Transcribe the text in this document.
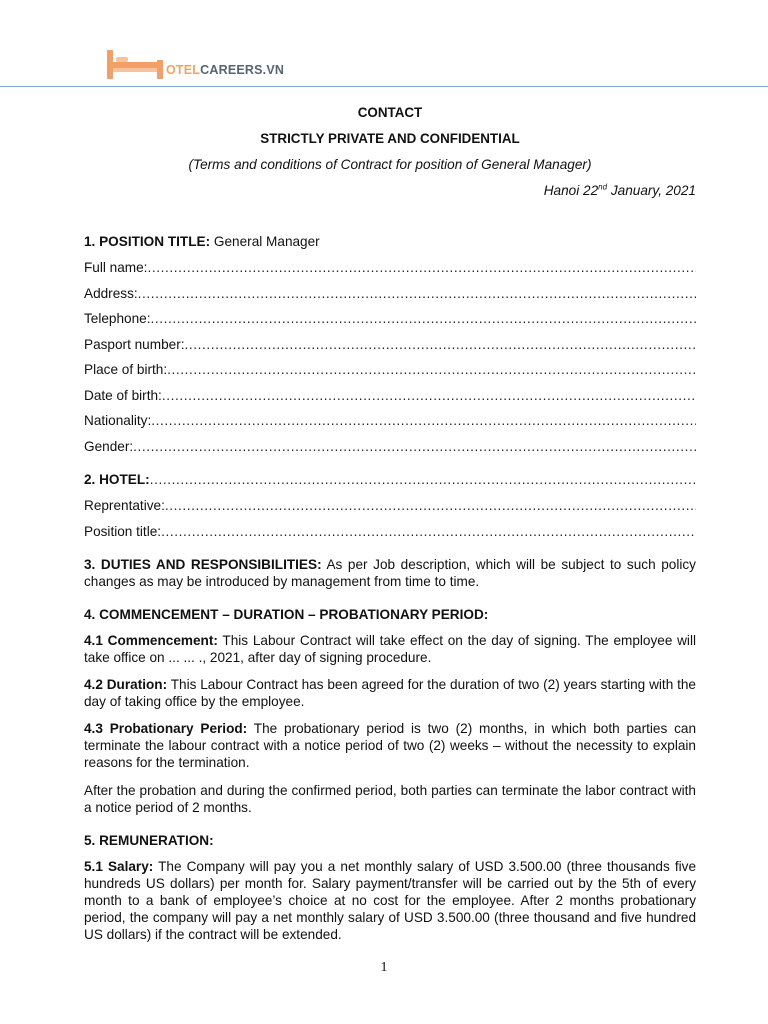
OTELCAREERS.VN
CONTACT
STRICTLY PRIVATE AND CONFIDENTIAL
(Terms and conditions of Contract for position of General Manager)
Hanoi 22nd January, 2021
1. POSITION TITLE: General Manager
Full name:
.....
Address:
.....
Telephone:
.....
Pasport number:
.....
Place of birth:
.....
Date of birth:
.....
Nationality:
.....
Gender:
.....
2. HOTEL:
.....
Reprentative:
.....
Position title:
.....
3. DUTIES AND RESPONSIBILITIES: As per Job description, which will be subject to such policy changes as may be introduced by management from time to time.
4. COMMENCEMENT – DURATION – PROBATIONARY PERIOD:
4.1 Commencement: This Labour Contract will take effect on the day of signing. The employee will take office on ... ... ., 2021, after day of signing procedure.
4.2 Duration: This Labour Contract has been agreed for the duration of two (2) years starting with the day of taking office by the employee.
4.3 Probationary Period: The probationary period is two (2) months, in which both parties can terminate the labour contract with a notice period of two (2) weeks – without the necessity to explain reasons for the termination.
After the probation and during the confirmed period, both parties can terminate the labor contract with a notice period of 2 months.
5. REMUNERATION:
5.1 Salary: The Company will pay you a net monthly salary of USD 3.500.00 (three thousands five hundreds US dollars) per month for. Salary payment/transfer will be carried out by the 5th of every month to a bank of employee’s choice at no cost for the employee. After 2 months probationary period, the company will pay a net monthly salary of USD 3.500.00 (three thousand and five hundred US dollars) if the contract will be extended.
1
